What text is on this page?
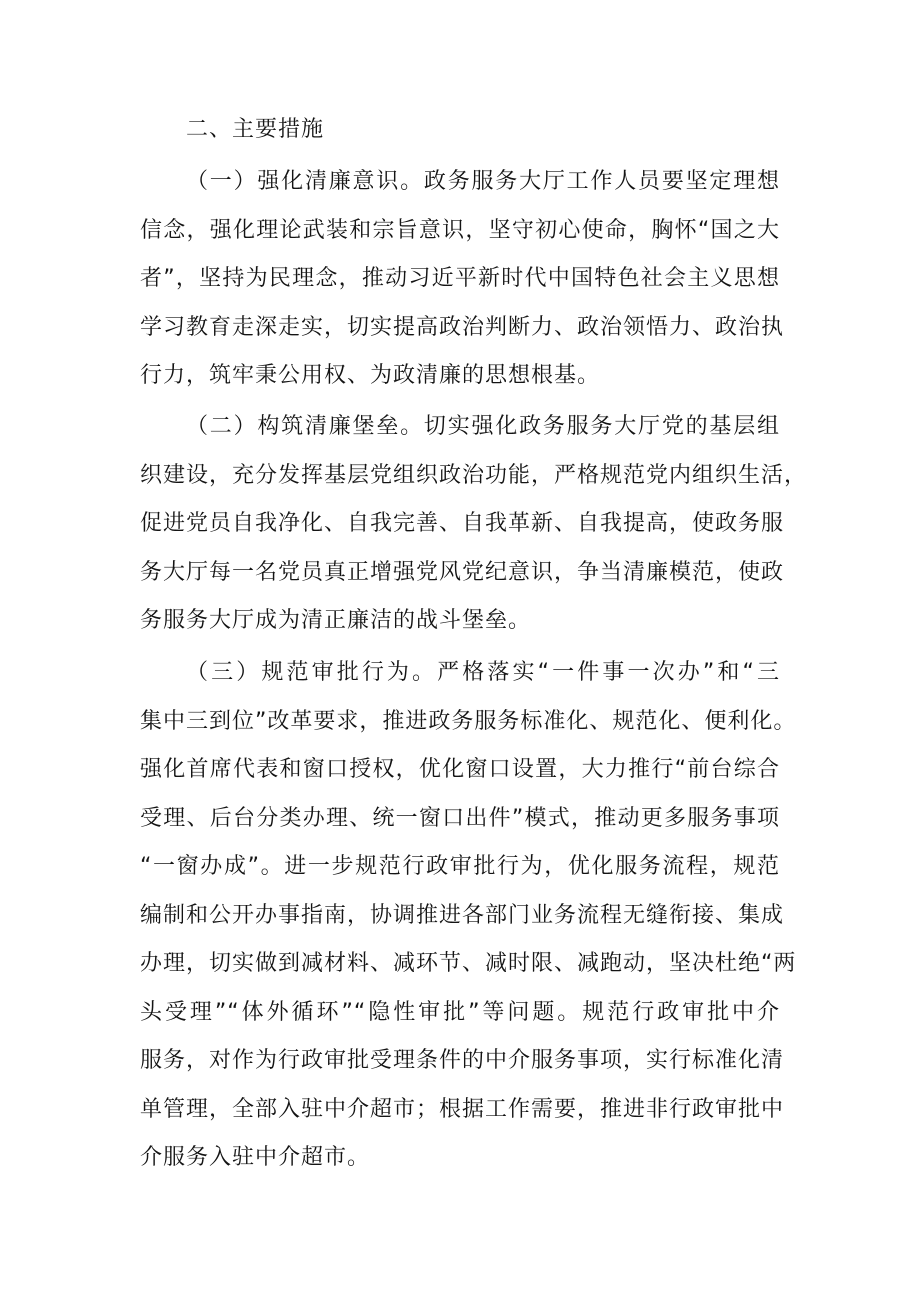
二、主要措施
（一）强化清廉意识。政务服务大厅工作人员要坚定理想
信念，强化理论武装和宗旨意识，坚守初心使命，胸怀“国之大
者”，坚持为民理念，推动习近平新时代中国特色社会主义思想
学习教育走深走实，切实提高政治判断力、政治领悟力、政治执
行力，筑牢秉公用权、为政清廉的思想根基。
（二）构筑清廉堡垒。切实强化政务服务大厅党的基层组
织建设，充分发挥基层党组织政治功能，严格规范党内组织生活，
促进党员自我净化、自我完善、自我革新、自我提高，使政务服
务大厅每一名党员真正增强党风党纪意识，争当清廉模范，使政
务服务大厅成为清正廉洁的战斗堡垒。
（三）规范审批行为。严格落实“一件事一次办”和“三
集中三到位”改革要求，推进政务服务标准化、规范化、便利化。
强化首席代表和窗口授权，优化窗口设置，大力推行“前台综合
受理、后台分类办理、统一窗口出件”模式，推动更多服务事项
“一窗办成”。进一步规范行政审批行为，优化服务流程，规范
编制和公开办事指南，协调推进各部门业务流程无缝衔接、集成
办理，切实做到减材料、减环节、减时限、减跑动，坚决杜绝“两
头受理”“体外循环”“隐性审批”等问题。规范行政审批中介
服务，对作为行政审批受理条件的中介服务事项，实行标准化清
单管理，全部入驻中介超市；根据工作需要，推进非行政审批中
介服务入驻中介超市。
